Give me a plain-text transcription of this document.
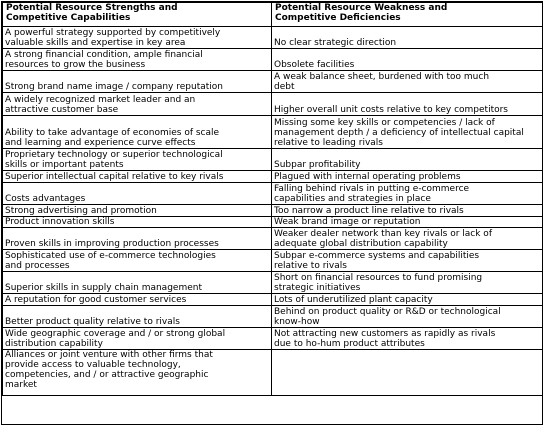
Potential Resource Strengths and
Competitive Capabilities	Potential Resource Weakness and
Competitive Deficiencies

A powerful strategy supported by competitively
valuable skills and expertise in key area	No clear strategic direction

A strong financial condition, ample financial
resources to grow the business	Obsolete facilities

Strong brand name image / company reputation	A weak balance sheet, burdened with too much
debt

A widely recognized market leader and an
attractive customer base	Higher overall unit costs relative to key competitors

Ability to take advantage of economies of scale
and learning and experience curve effects	Missing some key skills or competencies / lack of
management depth / a deficiency of intellectual capital
relative to leading rivals

Proprietary technology or superior technological
skills or important patents	Subpar profitability

Superior intellectual capital relative to key rivals	Plagued with internal operating problems

Costs advantages	Falling behind rivals in putting e-commerce
capabilities and strategies in place

Strong advertising and promotion	Too narrow a product line relative to rivals

Product innovation skills	Weak brand image or reputation

Proven skills in improving production processes	Weaker dealer network than key rivals or lack of
adequate global distribution capability

Sophisticated use of e-commerce technologies
and processes	Subpar e-commerce systems and capabilities
relative to rivals

Superior skills in supply chain management	Short on financial resources to fund promising
strategic initiatives

A reputation for good customer services	Lots of underutilized plant capacity

Better product quality relative to rivals	Behind on product quality or R&D or technological
know-how

Wide geographic coverage and / or strong global
distribution capability	Not attracting new customers as rapidly as rivals
due to ho-hum product attributes

Alliances or joint venture with other firms that
provide access to valuable technology,
competencies, and / or attractive geographic
market	
